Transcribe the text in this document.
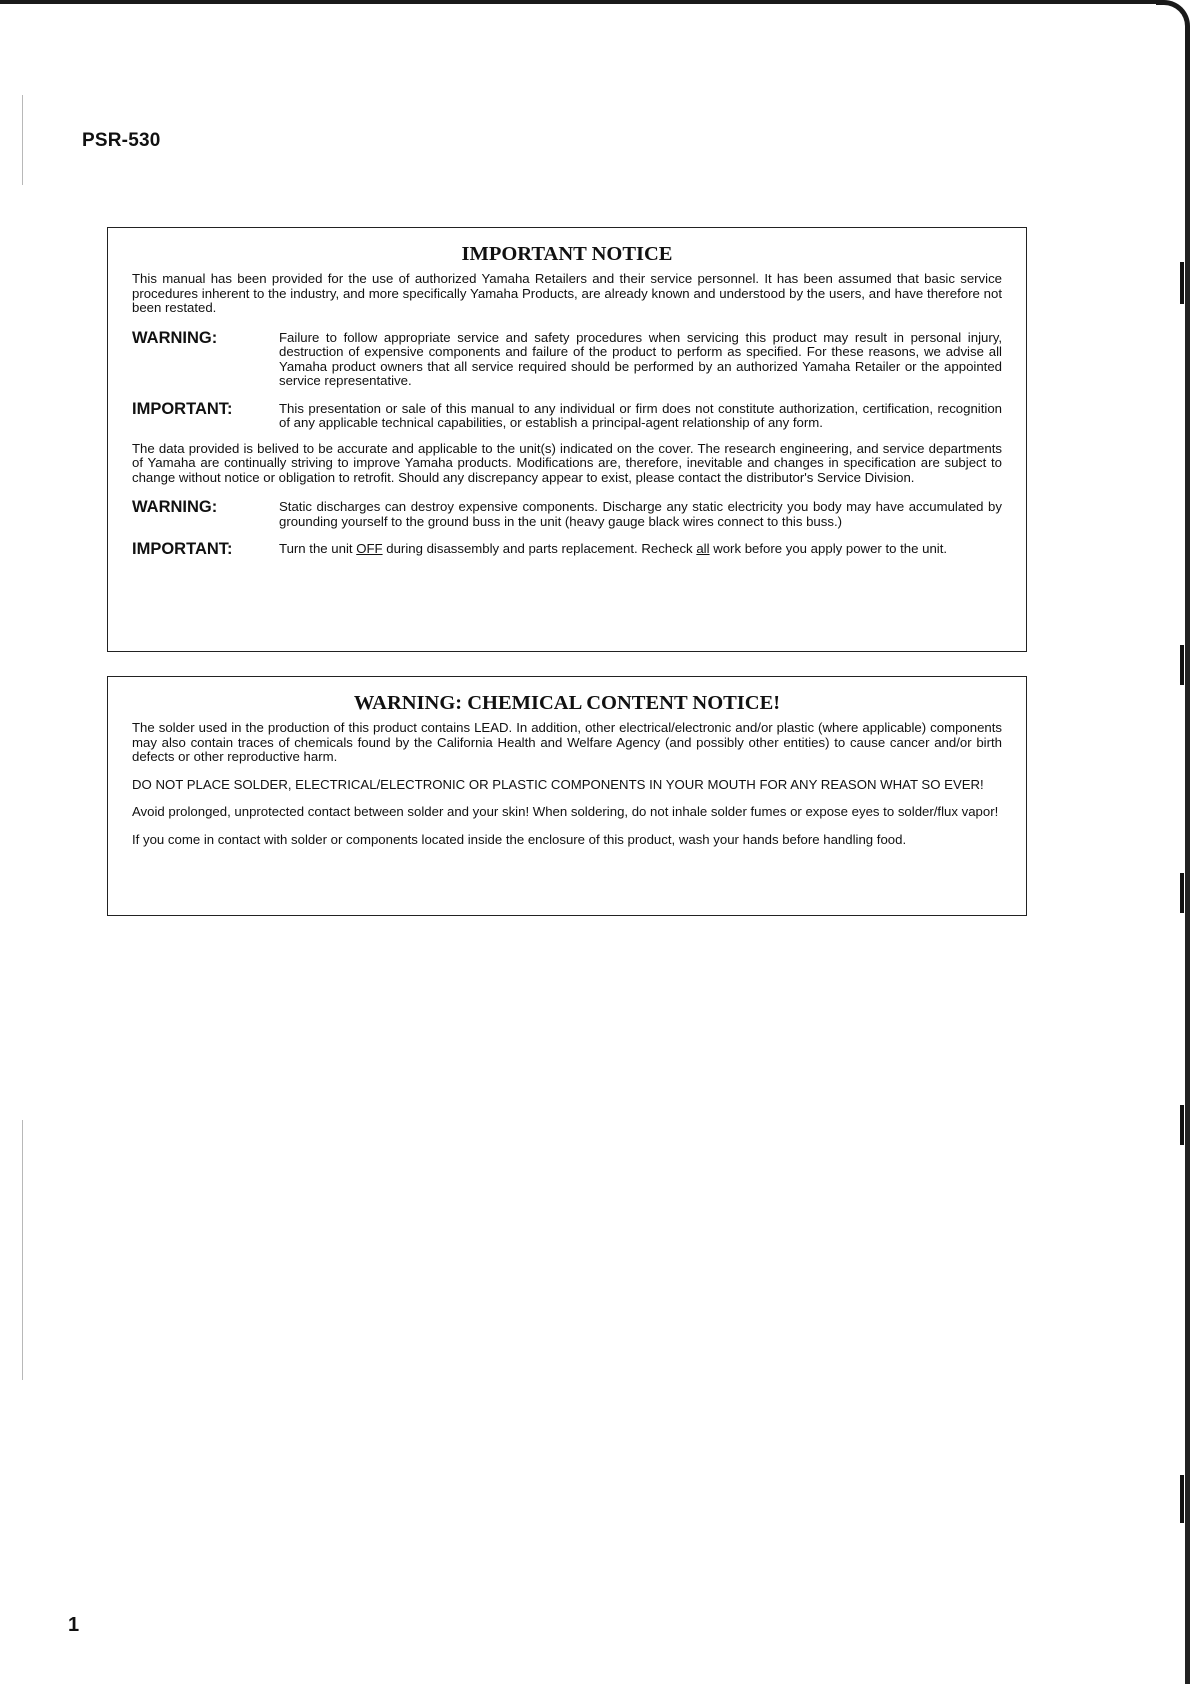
PSR-530
IMPORTANT NOTICE

This manual has been provided for the use of authorized Yamaha Retailers and their service personnel. It has been assumed that basic service procedures inherent to the industry, and more specifically Yamaha Products, are already known and understood by the users, and have therefore not been restated.

WARNING:	Failure to follow appropriate service and safety procedures when servicing this product may result in personal injury, destruction of expensive components and failure of the product to perform as specified. For these reasons, we advise all Yamaha product owners that all service required should be performed by an authorized Yamaha Retailer or the appointed service representative.
IMPORTANT:	This presentation or sale of this manual to any individual or firm does not constitute authorization, certification, recognition of any applicable technical capabilities, or establish a principal-agent relationship of any form.

The data provided is belived to be accurate and applicable to the unit(s) indicated on the cover. The research engineering, and service departments of Yamaha are continually striving to improve Yamaha products. Modifications are, therefore, inevitable and changes in specification are subject to change without notice or obligation to retrofit. Should any discrepancy appear to exist, please contact the distributor's Service Division.

WARNING:	Static discharges can destroy expensive components. Discharge any static electricity you body may have accumulated by grounding yourself to the ground buss in the unit (heavy gauge black wires connect to this buss.)
IMPORTANT:	Turn the unit OFF during disassembly and parts replacement. Recheck all work before you apply power to the unit.
WARNING: CHEMICAL CONTENT NOTICE!

The solder used in the production of this product contains LEAD. In addition, other electrical/electronic and/or plastic (where applicable) components may also contain traces of chemicals found by the California Health and Welfare Agency (and possibly other entities) to cause cancer and/or birth defects or other reproductive harm.

DO NOT PLACE SOLDER, ELECTRICAL/ELECTRONIC OR PLASTIC COMPONENTS IN YOUR MOUTH FOR ANY REASON WHAT SO EVER!

Avoid prolonged, unprotected contact between solder and your skin! When soldering, do not inhale solder fumes or expose eyes to solder/flux vapor!

If you come in contact with solder or components located inside the enclosure of this product, wash your hands before handling food.

1
